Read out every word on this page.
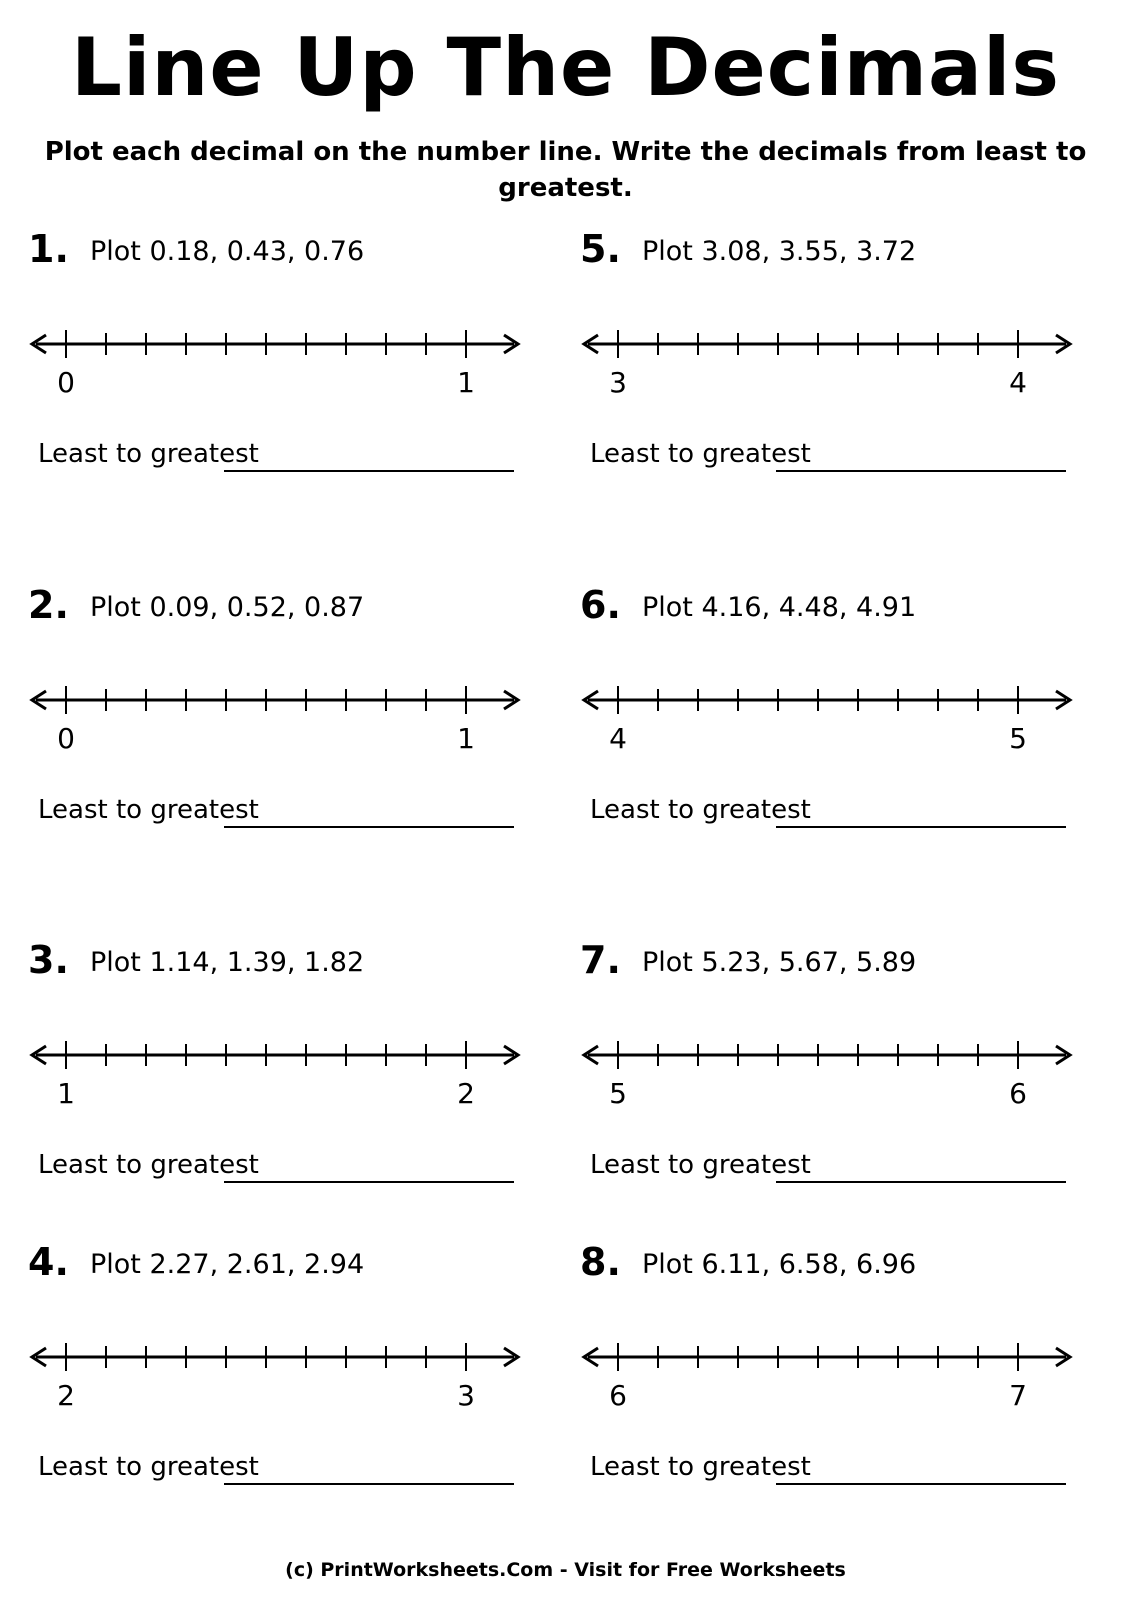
Line Up The Decimals
Plot each decimal on the number line. Write the decimals from least to greatest.
1. Plot 0.18, 0.43, 0.76
0	1
Least to greatest
2. Plot 0.09, 0.52, 0.87
0	1
Least to greatest
3. Plot 1.14, 1.39, 1.82
1	2
Least to greatest
4. Plot 2.27, 2.61, 2.94
2	3
Least to greatest
5. Plot 3.08, 3.55, 3.72
3	4
Least to greatest
6. Plot 4.16, 4.48, 4.91
4	5
Least to greatest
7. Plot 5.23, 5.67, 5.89
5	6
Least to greatest
8. Plot 6.11, 6.58, 6.96
6	7
Least to greatest
(c) PrintWorksheets.Com - Visit for Free Worksheets
